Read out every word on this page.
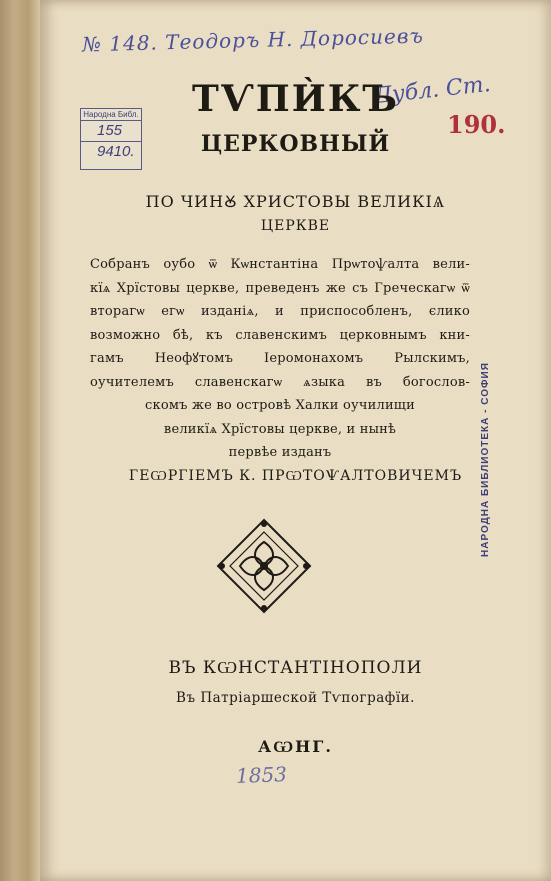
№ 148. Теодоръ Н. Доросиевъ
Дубл. Ст.
190.
Народна Библ.
155
9410.
НАРОДНА БИБЛИОТЕКА - СОФИЯ
ТѴПЍКЪ
ЦЕРКОВНЫЙ
ПО ЧИНꙊ ХРИСТОВЫ ВЕЛИКІѦ
ЦЕРКВЕ
Собранъ оубо ѿ Кѡнстантіна Прѡтоѱалта вели-
кїѧ Хрїстовы церкве, преведенъ же съ Греческагѡ ѿ
вторагѡ егѡ изданіѧ, и приспособленъ, єлико
возможно бѣ, къ славенскимъ церковнымъ кни-
гамъ Неофꙋтомъ Іеромонахомъ Рылскимъ,
оучителемъ славенскагѡ ѧзыка въ богослов-
скомъ же во островѣ Халки оучилищи
великїѧ Хрїстовы церкве, и нынѣ
первѣе изданъ
ГЕѠРГІЕМЪ К. ПРѠТОѰАЛТОВИЧЕМЪ
ВЪ КѠНСТАНТІНОПОЛИ
Въ Патріаршеской Тѵпографїи.
АѠНГ.
1853
